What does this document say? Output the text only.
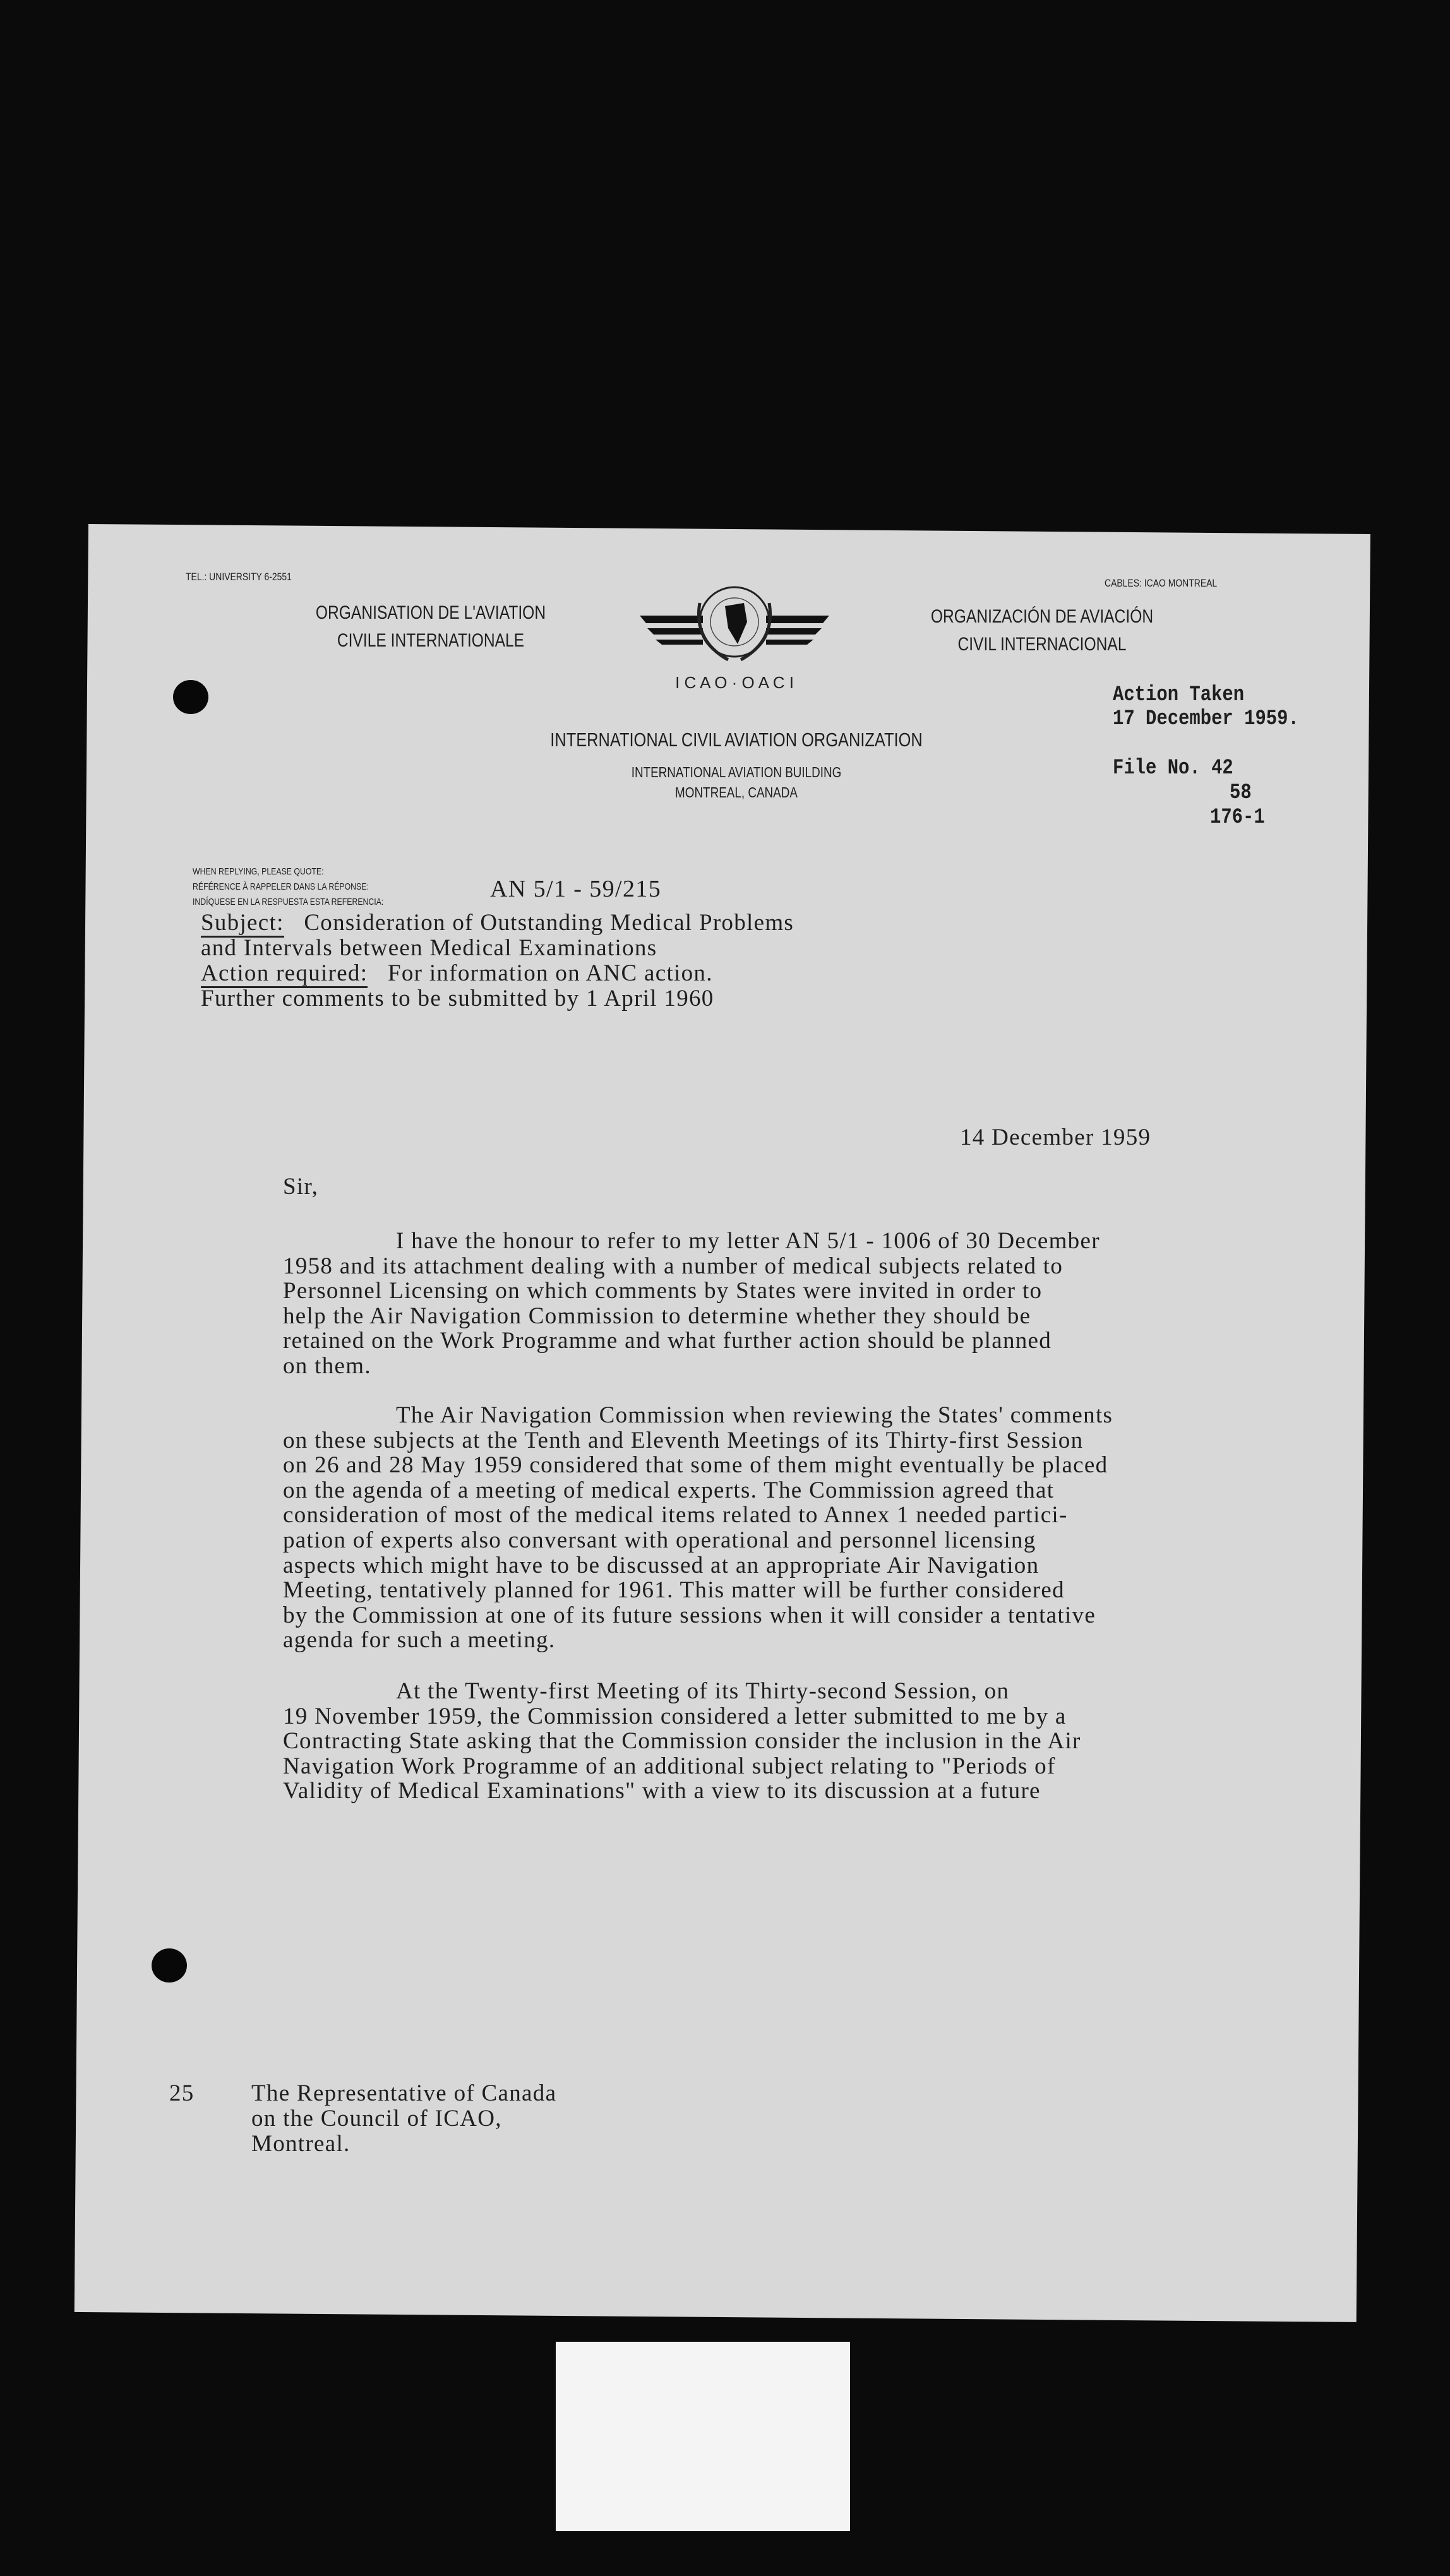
TEL.: UNIVERSITY 6-2551
CABLES: ICAO MONTREAL
ORGANISATION DE L'AVIATION
CIVILE INTERNATIONALE
ORGANIZACIÓN DE AVIACIÓN
CIVIL INTERNACIONAL
I C A O · O A C I
Action Taken
17 December 1959.
File No. 42
58
176-1
INTERNATIONAL CIVIL AVIATION ORGANIZATION
INTERNATIONAL AVIATION BUILDING
MONTREAL, CANADA
WHEN REPLYING, PLEASE QUOTE:
RÉFÉRENCE À RAPPELER DANS LA RÉPONSE:
INDÍQUESE EN LA RESPUESTA ESTA REFERENCIA:	AN 5/1 - 59/215
Subject: Consideration of Outstanding Medical Problems
and Intervals between Medical Examinations
Action required: For information on ANC action.
Further comments to be submitted by 1 April 1960
14 December 1959
Sir,
I have the honour to refer to my letter AN 5/1 - 1006 of 30 December
1958 and its attachment dealing with a number of medical subjects related to
Personnel Licensing on which comments by States were invited in order to
help the Air Navigation Commission to determine whether they should be
retained on the Work Programme and what further action should be planned
on them.
The Air Navigation Commission when reviewing the States' comments
on these subjects at the Tenth and Eleventh Meetings of its Thirty-first Session
on 26 and 28 May 1959 considered that some of them might eventually be placed
on the agenda of a meeting of medical experts. The Commission agreed that
consideration of most of the medical items related to Annex 1 needed partici-
pation of experts also conversant with operational and personnel licensing
aspects which might have to be discussed at an appropriate Air Navigation
Meeting, tentatively planned for 1961. This matter will be further considered
by the Commission at one of its future sessions when it will consider a tentative
agenda for such a meeting.
At the Twenty-first Meeting of its Thirty-second Session, on
19 November 1959, the Commission considered a letter submitted to me by a
Contracting State asking that the Commission consider the inclusion in the Air
Navigation Work Programme of an additional subject relating to "Periods of
Validity of Medical Examinations" with a view to its discussion at a future
25 The Representative of Canada
on the Council of ICAO,
Montreal.
